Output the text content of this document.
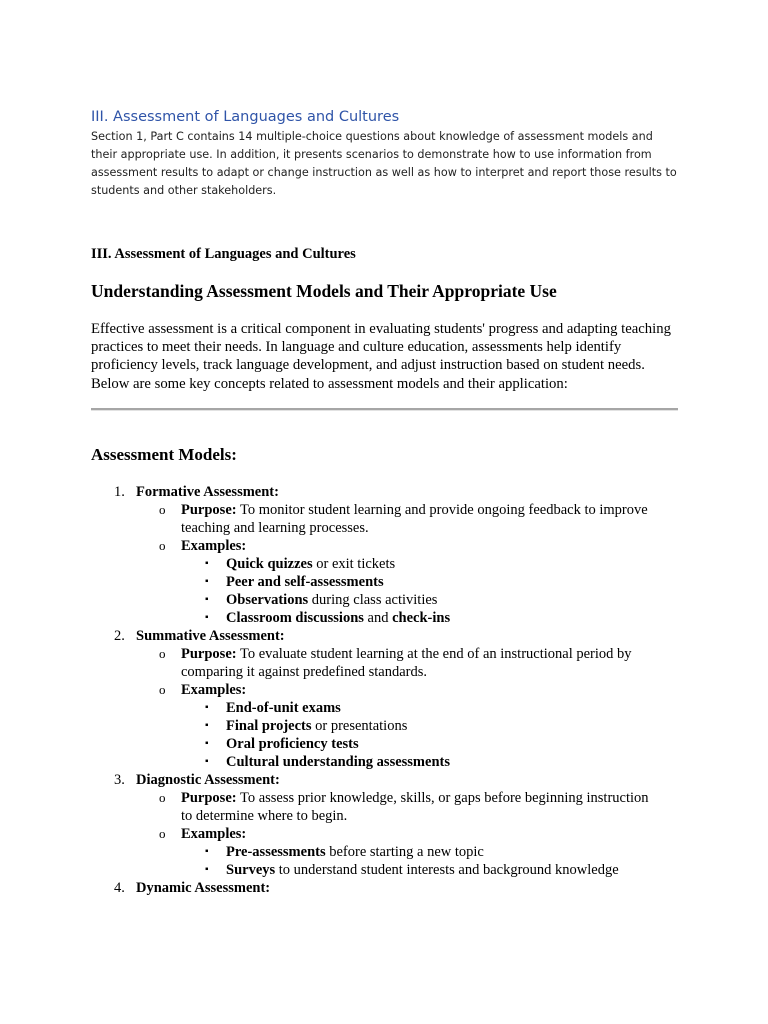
III. Assessment of Languages and Cultures

Section 1, Part C contains 14 multiple-choice questions about knowledge of assessment models and their appropriate use. In addition, it presents scenarios to demonstrate how to use information from assessment results to adapt or change instruction as well as how to interpret and report those results to students and other stakeholders.

III. Assessment of Languages and Cultures
Understanding Assessment Models and Their Appropriate Use

Effective assessment is a critical component in evaluating students' progress and adapting teaching practices to meet their needs. In language and culture education, assessments help identify proficiency levels, track language development, and adjust instruction based on student needs. Below are some key concepts related to assessment models and their application:

Assessment Models:
1. Formative Assessment:
o Purpose: To monitor student learning and provide ongoing feedback to improve
teaching and learning processes.
o Examples:
▪ Quick quizzes or exit tickets
▪ Peer and self-assessments
▪ Observations during class activities
▪ Classroom discussions and check-ins
2. Summative Assessment:
o Purpose: To evaluate student learning at the end of an instructional period by
comparing it against predefined standards.
o Examples:
▪ End-of-unit exams
▪ Final projects or presentations
▪ Oral proficiency tests
▪ Cultural understanding assessments
3. Diagnostic Assessment:
o Purpose: To assess prior knowledge, skills, or gaps before beginning instruction
to determine where to begin.
o Examples:
▪ Pre-assessments before starting a new topic
▪ Surveys to understand student interests and background knowledge
4. Dynamic Assessment:
